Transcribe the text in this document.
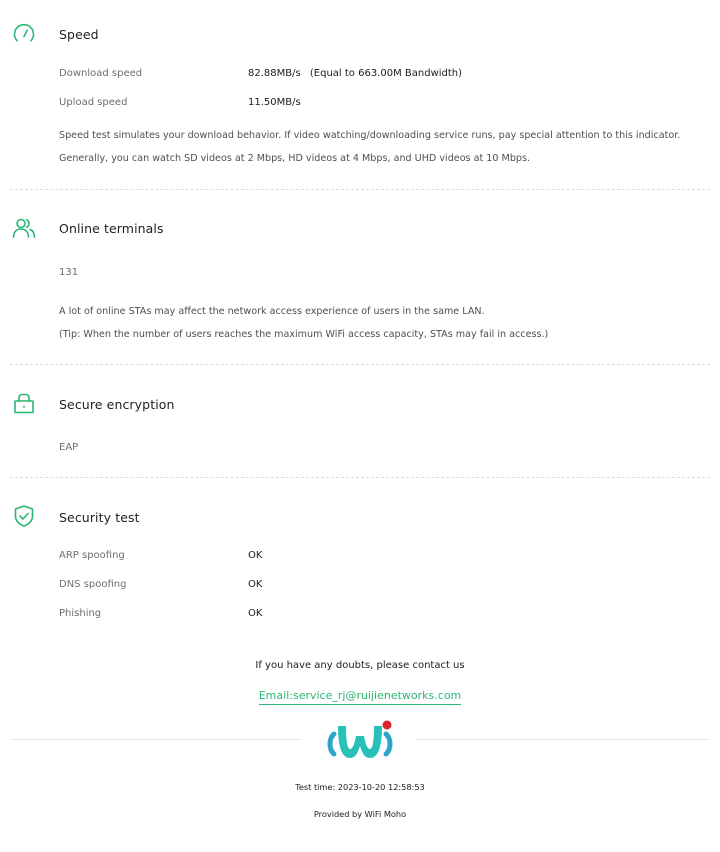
Speed
Download speed	82.88MB/s (Equal to 663.00M Bandwidth)
Upload speed	11.50MB/s
Speed test simulates your download behavior. If video watching/downloading service runs, pay special attention to this indicator. Generally, you can watch SD videos at 2 Mbps, HD videos at 4 Mbps, and UHD videos at 10 Mbps.
Online terminals
131
A lot of online STAs may affect the network access experience of users in the same LAN.
(Tip: When the number of users reaches the maximum WiFi access capacity, STAs may fail in access.)
Secure encryption
EAP
Security test
ARP spoofing	OK
DNS spoofing	OK
Phishing	OK
If you have any doubts, please contact us
Email:service_rj@ruijienetworks.com
Test time: 2023-10-20 12:58:53
Provided by WiFi Moho
